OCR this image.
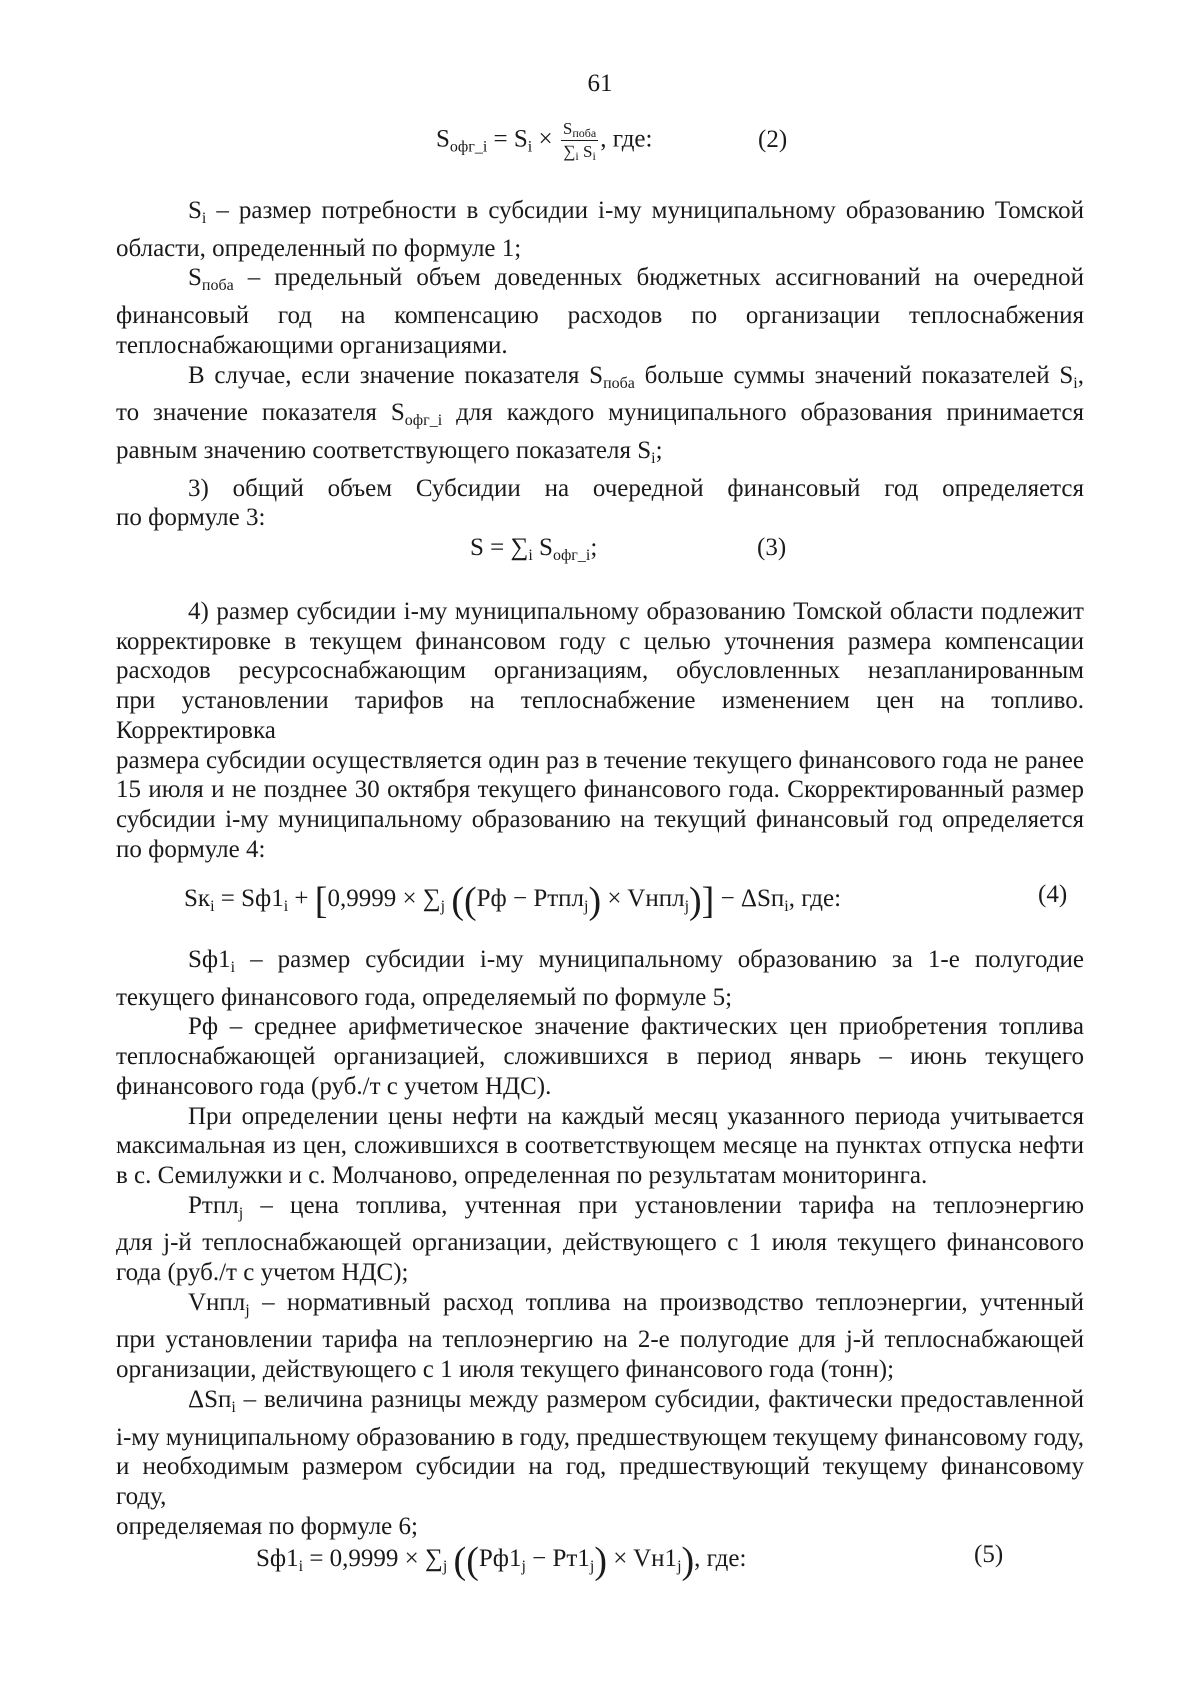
61
$S_{офг\_i} = S_i \times \frac{\text{Sпоба}}{\text{∑i Si}}$ , где:	(2)
$S_i$ – размер потребности в субсидии i-му муниципальному образованию Томской
области, определенный по формуле 1;
$S_{поба}$ – предельный объем доведенных бюджетных ассигнований на очередной
финансовый год на компенсацию расходов по организации теплоснабжения
теплоснабжающими организациями.
В случае, если значение показателя $S_{поба}$ больше суммы значений показателей $S_i$,
то значение показателя $S_{офг\_i}$ для каждого муниципального образования принимается
равным значению соответствующего показателя $S_i$;
3) общий объем Субсидии на очередной финансовый год определяется
по формуле 3:
$S = \sum_i$ $S_{офг\_i}$;	(3)
4) размер субсидии i-му муниципальному образованию Томской области подлежит
корректировке в текущем финансовом году с целью уточнения размера компенсации
расходов ресурсоснабжающим организациям, обусловленных незапланированным
при установлении тарифов на теплоснабжение изменением цен на топливо. Корректировка
размера субсидии осуществляется один раз в течение текущего финансового года не ранее
15 июля и не позднее 30 октября текущего финансового года. Скорректированный размер
субсидии i-му муниципальному образованию на текущий финансовый год определяется
по формуле 4:
$Sк_i = Sф1_i + [0,9999 \times \sum_j$ ((Рф − Ртпл$_j$) × Vнпл$_j$)] − ΔSп$_i$, где:	(4)
$Sф1_i$ – размер субсидии i-му муниципальному образованию за 1-е полугодие
текущего финансового года, определяемый по формуле 5;
Рф – среднее арифметическое значение фактических цен приобретения топлива
теплоснабжающей организацией, сложившихся в период январь – июнь текущего
финансового года (руб./т с учетом НДС).
При определении цены нефти на каждый месяц указанного периода учитывается
максимальная из цен, сложившихся в соответствующем месяце на пунктах отпуска нефти
в с. Семилужки и с. Молчаново, определенная по результатам мониторинга.
Ртпл$_j$ – цена топлива, учтенная при установлении тарифа на теплоэнергию
для j-й теплоснабжающей организации, действующего с 1 июля текущего финансового
года (руб./т с учетом НДС);
Vнпл$_j$ – нормативный расход топлива на производство теплоэнергии, учтенный
при установлении тарифа на теплоэнергию на 2-е полугодие для j-й теплоснабжающей
организации, действующего с 1 июля текущего финансового года (тонн);
ΔSп$_i$ – величина разницы между размером субсидии, фактически предоставленной
i-му муниципальному образованию в году, предшествующем текущему финансовому году,
и необходимым размером субсидии на год, предшествующий текущему финансовому году,
определяемая по формуле 6;
$Sф1_i = 0,9999 \times \sum_j$ $((Рф1_j - Рт1_j) \times Vн1_j)$, где:	(5)
